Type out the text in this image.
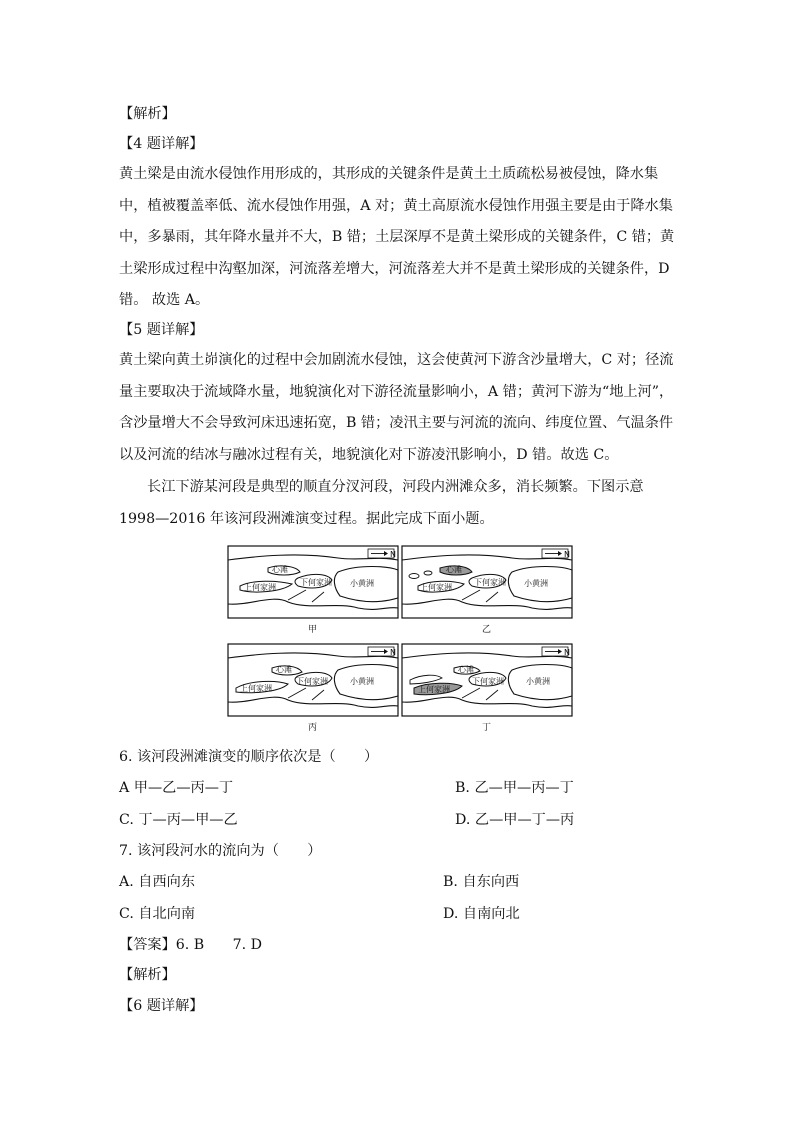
【解析】
【4 题详解】
黄土梁是由流水侵蚀作用形成的，其形成的关键条件是黄土土质疏松易被侵蚀，降水集
中，植被覆盖率低、流水侵蚀作用强，A 对；黄土高原流水侵蚀作用强主要是由于降水集
中，多暴雨，其年降水量并不大，B 错；土层深厚不是黄土梁形成的关键条件，C 错；黄
土梁形成过程中沟壑加深，河流落差增大，河流落差大并不是黄土梁形成的关键条件，D
错。 故选 A。
【5 题详解】
黄土梁向黄土峁演化的过程中会加剧流水侵蚀，这会使黄河下游含沙量增大，C 对；径流
量主要取决于流域降水量，地貌演化对下游径流量影响小，A 错；黄河下游为“地上河”，
含沙量增大不会导致河床迅速拓宽，B 错；凌汛主要与河流的流向、纬度位置、气温条件
以及河流的结冰与融冰过程有关，地貌演化对下游凌汛影响小，D 错。故选 C。
长江下游某河段是典型的顺直分汊河段，河段内洲滩众多，消长频繁。下图示意
1998—2016 年该河段洲滩演变过程。据此完成下面小题。
心滩
上何家洲
下何家洲 小黄洲
N
甲
心滩
上何家洲
下何家洲 小黄洲
N
乙
心滩
上何家洲
下何家洲	小黄洲
N
丙
心滩
上何家洲
下何家洲	小黄洲
N
丁
6. 该河段洲滩演变的顺序依次是（　　）
A 甲—乙—丙—丁	B. 乙—甲—丙—丁
C. 丁—丙—甲—乙	D. 乙—甲—丁—丙
7. 该河段河水的流向为（　　）
A. 自西向东	B. 自东向西
C. 自北向南	D. 自南向北
【答案】6. B　　7. D
【解析】
【6 题详解】
